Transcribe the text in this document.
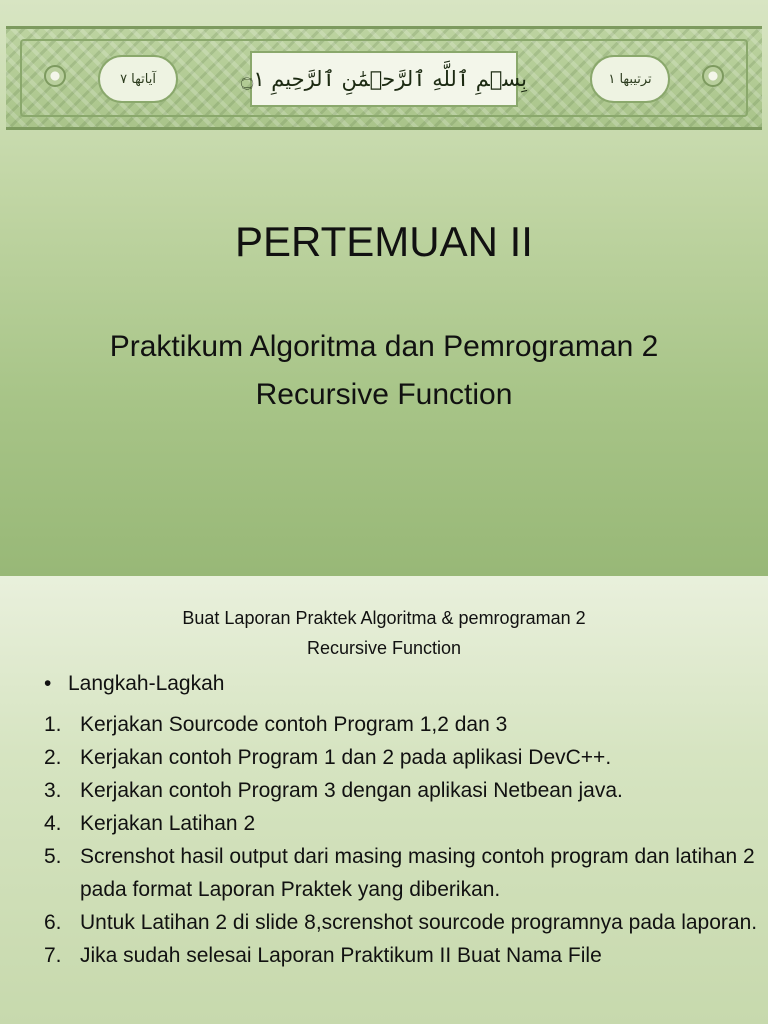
آياتها ٧	بِسۡمِ ٱللَّهِ ٱلرَّحۡمَٰنِ ٱلرَّحِيمِ ۝١	ترتيبها ١
PERTEMUAN II
Praktikum Algoritma dan Pemrograman 2
Recursive Function
Buat Laporan Praktek Algoritma & pemrograman 2
Recursive Function
• Langkah-Lagkah
1. Kerjakan Sourcode contoh Program 1,2 dan 3
2. Kerjakan contoh Program 1 dan 2 pada aplikasi DevC++.
3. Kerjakan contoh Program 3 dengan aplikasi Netbean java.
4. Kerjakan Latihan 2
5. Screnshot hasil output dari masing masing contoh program dan latihan 2 pada format Laporan Praktek yang diberikan.
6. Untuk Latihan 2 di slide 8,screnshot sourcode programnya pada laporan.
7. Jika sudah selesai Laporan Praktikum II Buat Nama File
